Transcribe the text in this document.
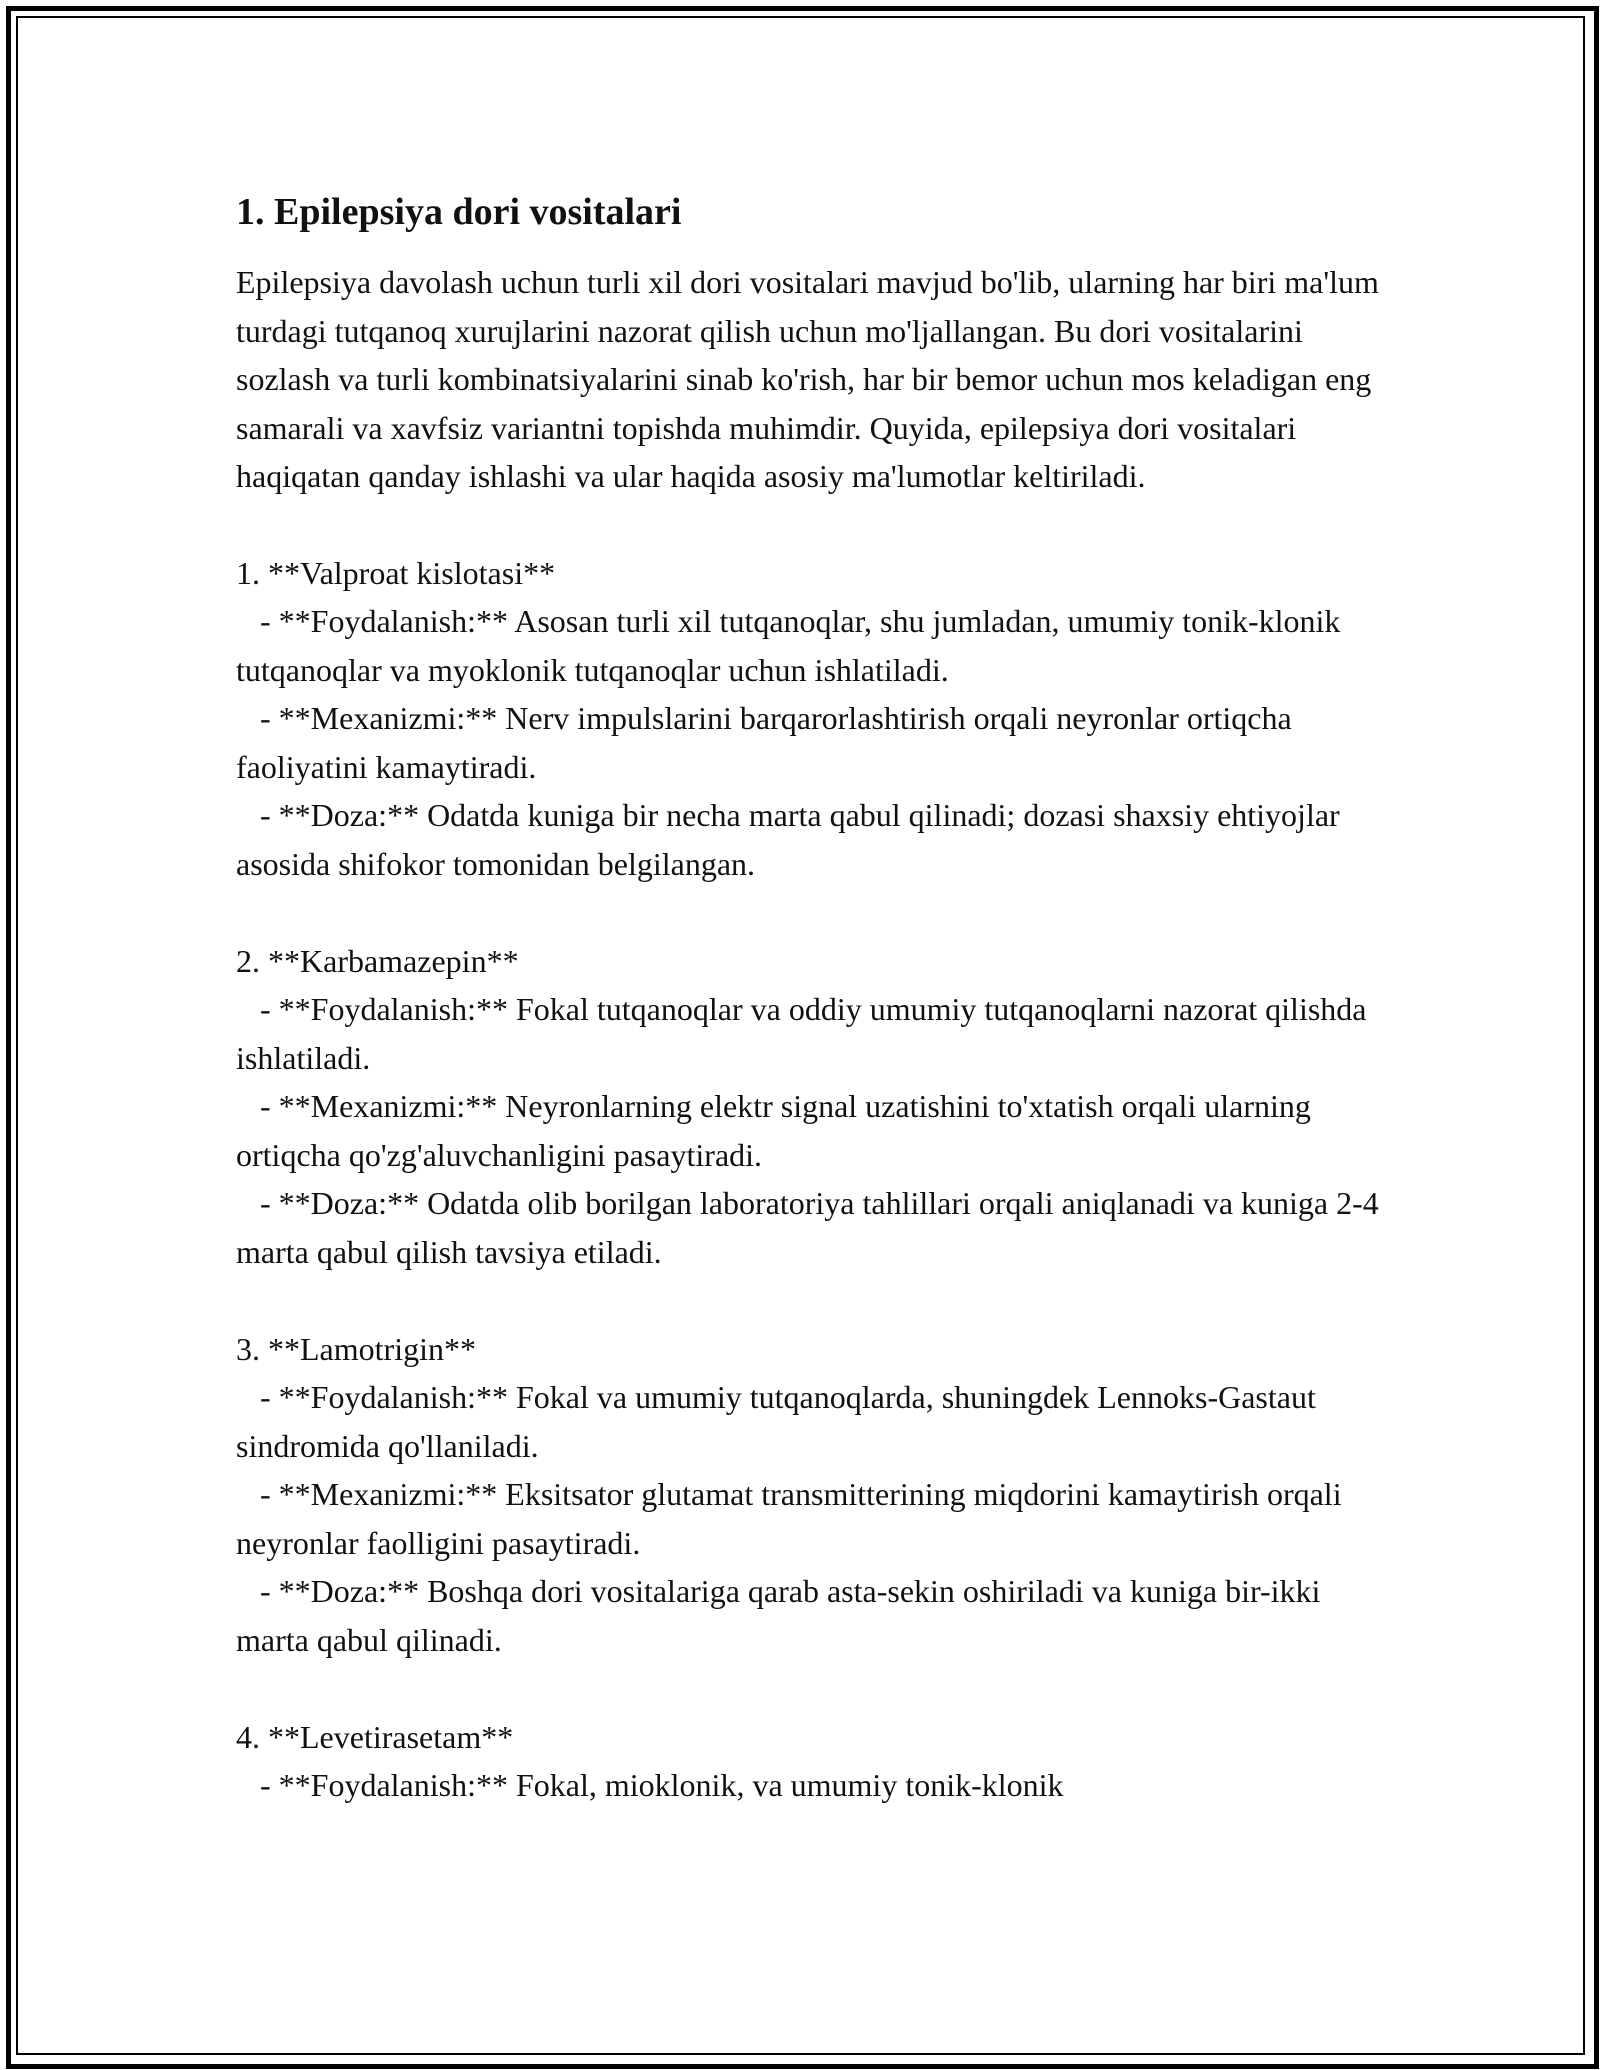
1. Epilepsiya dori vositalari

Epilepsiya davolash uchun turli xil dori vositalari mavjud bo'lib, ularning har biri ma'lum turdagi tutqanoq xurujlarini nazorat qilish uchun mo'ljallangan. Bu dori vositalarini sozlash va turli kombinatsiyalarini sinab ko'rish, har bir bemor uchun mos keladigan eng samarali va xavfsiz variantni topishda muhimdir. Quyida, epilepsiya dori vositalari haqiqatan qanday ishlashi va ular haqida asosiy ma'lumotlar keltiriladi.

1. **Valproat kislotasi**

- **Foydalanish:** Asosan turli xil tutqanoqlar, shu jumladan, umumiy tonik-klonik tutqanoqlar va myoklonik tutqanoqlar uchun ishlatiladi.

- **Mexanizmi:** Nerv impulslarini barqarorlashtirish orqali neyronlar ortiqcha faoliyatini kamaytiradi.

- **Doza:** Odatda kuniga bir necha marta qabul qilinadi; dozasi shaxsiy ehtiyojlar asosida shifokor tomonidan belgilangan.

2. **Karbamazepin**

- **Foydalanish:** Fokal tutqanoqlar va oddiy umumiy tutqanoqlarni nazorat qilishda ishlatiladi.

- **Mexanizmi:** Neyronlarning elektr signal uzatishini to'xtatish orqali ularning ortiqcha qo'zg'aluvchanligini pasaytiradi.

- **Doza:** Odatda olib borilgan laboratoriya tahlillari orqali aniqlanadi va kuniga 2-4 marta qabul qilish tavsiya etiladi.

3. **Lamotrigin**

- **Foydalanish:** Fokal va umumiy tutqanoqlarda, shuningdek Lennoks-Gastaut sindromida qo'llaniladi.

- **Mexanizmi:** Eksitsator glutamat transmitterining miqdorini kamaytirish orqali neyronlar faolligini pasaytiradi.

- **Doza:** Boshqa dori vositalariga qarab asta-sekin oshiriladi va kuniga bir-ikki marta qabul qilinadi.

4. **Levetirasetam**

- **Foydalanish:** Fokal, mioklonik, va umumiy tonik-klonik
